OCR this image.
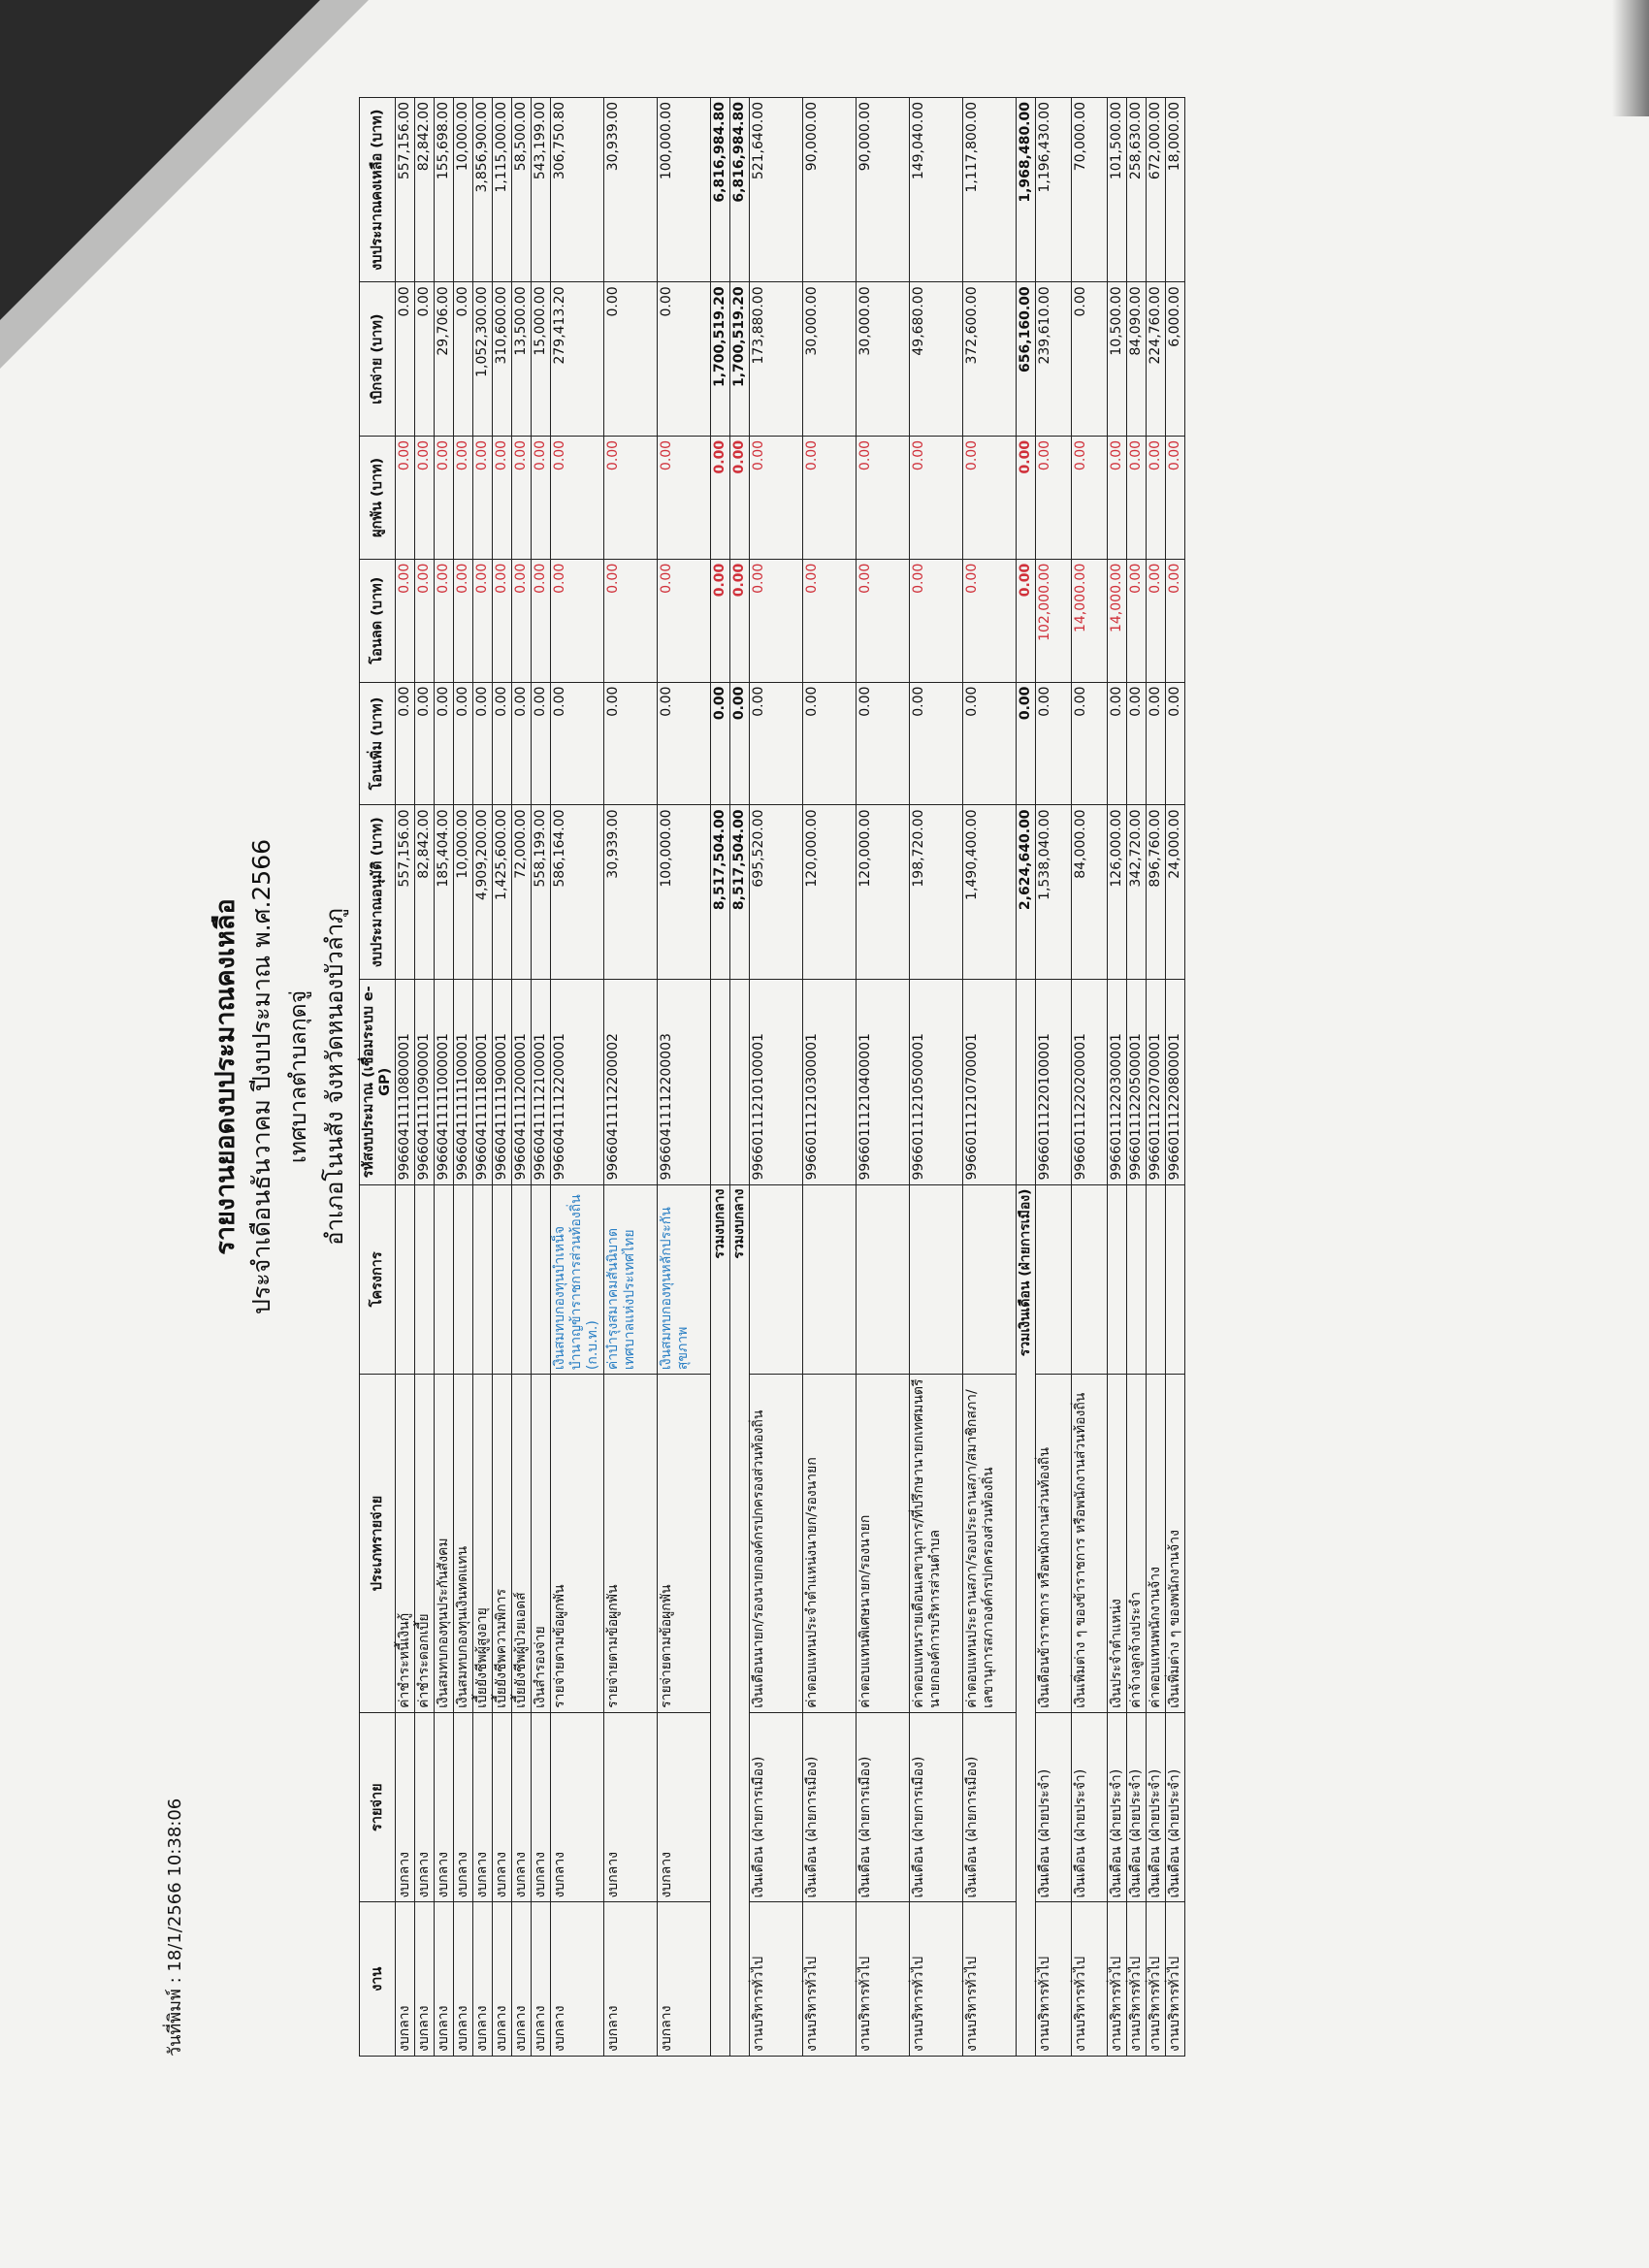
วันที่พิมพ์ : 18/1/2566 10:38:06
รายงานยอดงบประมาณคงเหลือ ประจำเดือนธันวาคม ปีงบประมาณ พ.ศ.2566 เทศบาลตำบลกุดจู่ อำเภอโนนสัง จังหวัดหนองบัวลำภู
งาน	รายจ่าย	ประเภทรายจ่าย	โครงการ	รหัสงบประมาณ (เชื่อมระบบ e-GP)	งบประมาณอนุมัติ (บาท)	โอนเพิ่ม (บาท)	โอนลด (บาท)	ผูกพัน (บาท)	เบิกจ่าย (บาท)	งบประมาณคงเหลือ (บาท)
งบกลาง	งบกลาง	ค่าชำระหนี้เงินกู้		99660411110800001	557,156.00	0.00	0.00	0.00	0.00	557,156.00
งบกลาง	งบกลาง	ค่าชำระดอกเบี้ย		99660411110900001	82,842.00	0.00	0.00	0.00	0.00	82,842.00
งบกลาง	งบกลาง	เงินสมทบกองทุนประกันสังคม		99660411111000001	185,404.00	0.00	0.00	0.00	29,706.00	155,698.00
งบกลาง	งบกลาง	เงินสมทบกองทุนเงินทดแทน		99660411111100001	10,000.00	0.00	0.00	0.00	0.00	10,000.00
งบกลาง	งบกลาง	เบี้ยยังชีพผู้สูงอายุ		99660411111800001	4,909,200.00	0.00	0.00	0.00	1,052,300.00	3,856,900.00
งบกลาง	งบกลาง	เบี้ยยังชีพความพิการ		99660411111900001	1,425,600.00	0.00	0.00	0.00	310,600.00	1,115,000.00
งบกลาง	งบกลาง	เบี้ยยังชีพผู้ป่วยเอดส์		99660411112000001	72,000.00	0.00	0.00	0.00	13,500.00	58,500.00
งบกลาง	งบกลาง	เงินสำรองจ่าย		99660411112100001	558,199.00	0.00	0.00	0.00	15,000.00	543,199.00
งบกลาง	งบกลาง	รายจ่ายตามข้อผูกพัน	เงินสมทบกองทุนบำเหน็จบำนาญข้าราชการส่วนท้องถิ่น (ก.บ.ท.)	99660411112200001	586,164.00	0.00	0.00	0.00	279,413.20	306,750.80
งบกลาง	งบกลาง	รายจ่ายตามข้อผูกพัน	ค่าบำรุงสมาคมสันนิบาตเทศบาลแห่งประเทศไทย	99660411112200002	30,939.00	0.00	0.00	0.00	0.00	30,939.00
งบกลาง	งบกลาง	รายจ่ายตามข้อผูกพัน	เงินสมทบกองทุนหลักประกันสุขภาพ	99660411112200003	100,000.00	0.00	0.00	0.00	0.00	100,000.00
รวมงบกลาง					8,517,504.00	0.00	0.00	0.00	1,700,519.20	6,816,984.80
รวมงบกลาง					8,517,504.00	0.00	0.00	0.00	1,700,519.20	6,816,984.80
งานบริหารทั่วไป	เงินเดือน (ฝ่ายการเมือง)	เงินเดือนนายก/รองนายกองค์กรปกครองส่วนท้องถิ่น		99660111210100001	695,520.00	0.00	0.00	0.00	173,880.00	521,640.00
งานบริหารทั่วไป	เงินเดือน (ฝ่ายการเมือง)	ค่าตอบแทนประจำตำแหน่งนายก/รองนายก		99660111210300001	120,000.00	0.00	0.00	0.00	30,000.00	90,000.00
งานบริหารทั่วไป	เงินเดือน (ฝ่ายการเมือง)	ค่าตอบแทนพิเศษนายก/รองนายก		99660111210400001	120,000.00	0.00	0.00	0.00	30,000.00	90,000.00
งานบริหารทั่วไป	เงินเดือน (ฝ่ายการเมือง)	ค่าตอบแทนรายเดือนเลขานุการ/ที่ปรึกษานายกเทศมนตรี นายกองค์การบริหารส่วนตำบล		99660111210500001	198,720.00	0.00	0.00	0.00	49,680.00	149,040.00
งานบริหารทั่วไป	เงินเดือน (ฝ่ายการเมือง)	ค่าตอบแทนประธานสภา/รองประธานสภา/สมาชิกสภา/เลขานุการสภาองค์กรปกครองส่วนท้องถิ่น		99660111210700001	1,490,400.00	0.00	0.00	0.00	372,600.00	1,117,800.00
รวมเงินเดือน (ฝ่ายการเมือง)					2,624,640.00	0.00	0.00	0.00	656,160.00	1,968,480.00
งานบริหารทั่วไป	เงินเดือน (ฝ่ายประจำ)	เงินเดือนข้าราชการ หรือพนักงานส่วนท้องถิ่น		99660111220100001	1,538,040.00	0.00	102,000.00	0.00	239,610.00	1,196,430.00
งานบริหารทั่วไป	เงินเดือน (ฝ่ายประจำ)	เงินเพิ่มต่าง ๆ ของข้าราชการ หรือพนักงานส่วนท้องถิ่น		99660111220200001	84,000.00	0.00	14,000.00	0.00	0.00	70,000.00
งานบริหารทั่วไป	เงินเดือน (ฝ่ายประจำ)	เงินประจำตำแหน่ง		99660111220300001	126,000.00	0.00	14,000.00	0.00	10,500.00	101,500.00
งานบริหารทั่วไป	เงินเดือน (ฝ่ายประจำ)	ค่าจ้างลูกจ้างประจำ		99660111220500001	342,720.00	0.00	0.00	0.00	84,090.00	258,630.00
งานบริหารทั่วไป	เงินเดือน (ฝ่ายประจำ)	ค่าตอบแทนพนักงานจ้าง		99660111220700001	896,760.00	0.00	0.00	0.00	224,760.00	672,000.00
งานบริหารทั่วไป	เงินเดือน (ฝ่ายประจำ)	เงินเพิ่มต่าง ๆ ของพนักงานจ้าง		99660111220800001	24,000.00	0.00	0.00	0.00	6,000.00	18,000.00
